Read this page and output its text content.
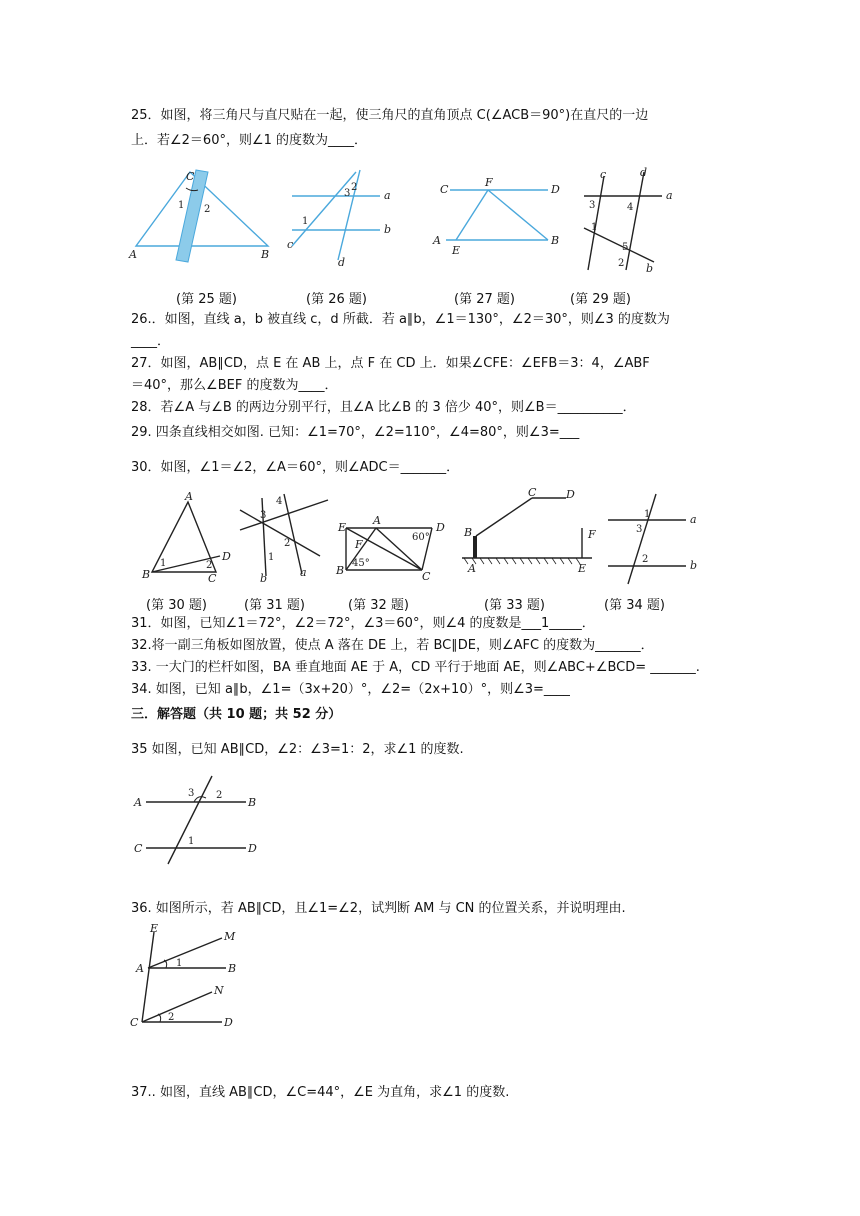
25．如图，将三角尺与直尺贴在一起，使三角尺的直角顶点 C(∠ACB＝90°)在直尺的一边
上．若∠2＝60°，则∠1 的度数为____．
C
A	B
1 2
a
b
c
d
1
2
3	C
F
D
A
E
B
c	d
a
b
1
2
3	4
5
(第 25 题)	(第 26 题)	(第 27 题)	(第 29 题)
26.．如图，直线 a，b 被直线 c，d 所截．若 a∥b，∠1＝130°，∠2＝30°，则∠3 的度数为
____．
27．如图，AB∥CD，点 E 在 AB 上，点 F 在 CD 上．如果∠CFE：∠EFB＝3：4，∠ABF
＝40°，那么∠BEF 的度数为____．
28．若∠A 与∠B 的两边分别平行，且∠A 比∠B 的 3 倍少 40°，则∠B＝__________．
29. 四条直线相交如图. 已知：∠1=70°，∠2=110°，∠4=80°，则∠3=___
30．如图，∠1＝∠2，∠A＝60°，则∠ADC＝_______．
A
B	C
D
1	2
a
b
1
2
3
4
E
A
D
F
B	C
60°
45°
C	D
B
A	E
F
a
b
1
2
3
(第 30 题)	(第 31 题)	(第 32 题)	(第 33 题)	(第 34 题)
31．如图，已知∠1＝72°，∠2＝72°，∠3＝60°，则∠4 的度数是___1_____．
32.将一副三角板如图放置，使点 A 落在 DE 上，若 BC∥DE，则∠AFC 的度数为_______．
33. 一大门的栏杆如图，BA 垂直地面 AE 于 A，CD 平行于地面 AE，则∠ABC+∠BCD= _______.
34. 如图，已知 a∥b，∠1=（3x+20）°，∠2=（2x+10）°，则∠3=____
三．解答题（共 10 题；共 52 分）
35 如图，已知 AB∥CD，∠2：∠3=1：2，求∠1 的度数.
A	B
C	D
1
2
3
36. 如图所示，若 AB∥CD，且∠1=∠2，试判断 AM 与 CN 的位置关系，并说明理由.
E
M
A	B
N
C	D
1
2
37.. 如图，直线 AB∥CD，∠C=44°，∠E 为直角，求∠1 的度数.
